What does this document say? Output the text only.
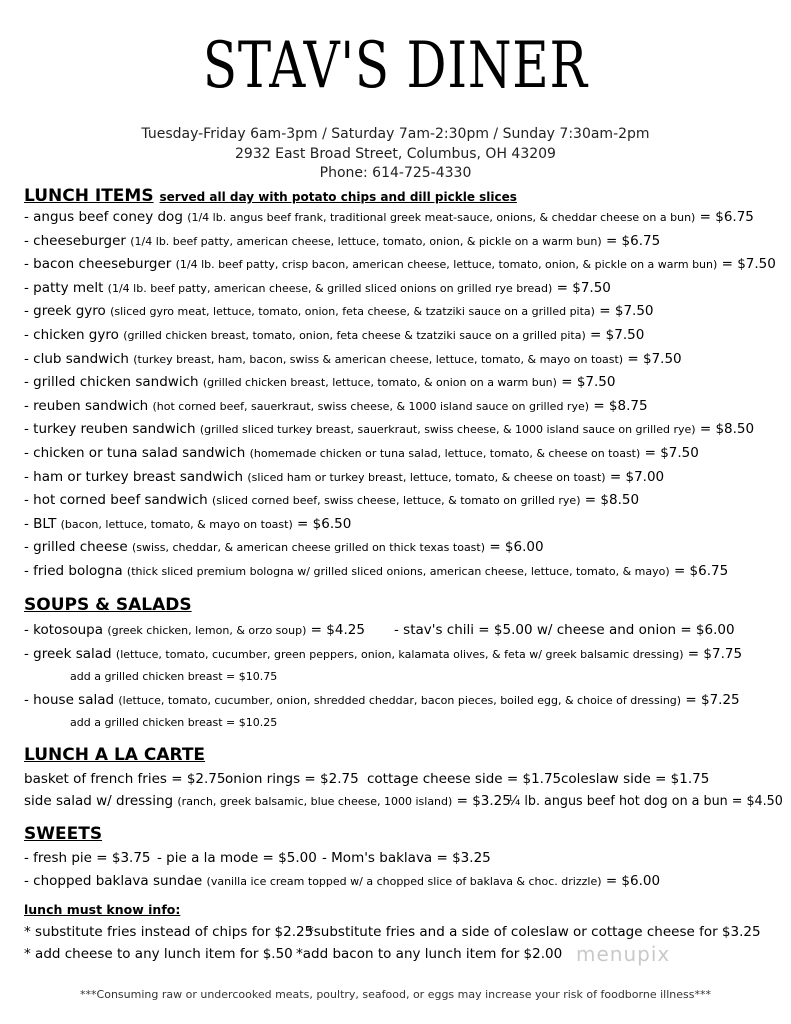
STAV'S DINER
Tuesday-Friday 6am-3pm / Saturday 7am-2:30pm / Sunday 7:30am-2pm
2932 East Broad Street, Columbus, OH 43209
Phone: 614-725-4330
LUNCH ITEMS served all day with potato chips and dill pickle slices
- angus beef coney dog (1/4 lb. angus beef frank, traditional greek meat-sauce, onions, & cheddar cheese on a bun) = $6.75
- cheeseburger (1/4 lb. beef patty, american cheese, lettuce, tomato, onion, & pickle on a warm bun) = $6.75
- bacon cheeseburger (1/4 lb. beef patty, crisp bacon, american cheese, lettuce, tomato, onion, & pickle on a warm bun) = $7.50
- patty melt (1/4 lb. beef patty, american cheese, & grilled sliced onions on grilled rye bread) = $7.50
- greek gyro (sliced gyro meat, lettuce, tomato, onion, feta cheese, & tzatziki sauce on a grilled pita) = $7.50
- chicken gyro (grilled chicken breast, tomato, onion, feta cheese & tzatziki sauce on a grilled pita) = $7.50
- club sandwich (turkey breast, ham, bacon, swiss & american cheese, lettuce, tomato, & mayo on toast) = $7.50
- grilled chicken sandwich (grilled chicken breast, lettuce, tomato, & onion on a warm bun) = $7.50
- reuben sandwich (hot corned beef, sauerkraut, swiss cheese, & 1000 island sauce on grilled rye) = $8.75
- turkey reuben sandwich (grilled sliced turkey breast, sauerkraut, swiss cheese, & 1000 island sauce on grilled rye) = $8.50
- chicken or tuna salad sandwich (homemade chicken or tuna salad, lettuce, tomato, & cheese on toast) = $7.50
- ham or turkey breast sandwich (sliced ham or turkey breast, lettuce, tomato, & cheese on toast) = $7.00
- hot corned beef sandwich (sliced corned beef, swiss cheese, lettuce, & tomato on grilled rye) = $8.50
- BLT (bacon, lettuce, tomato, & mayo on toast) = $6.50
- grilled cheese (swiss, cheddar, & american cheese grilled on thick texas toast) = $6.00
- fried bologna (thick sliced premium bologna w/ grilled sliced onions, american cheese, lettuce, tomato, & mayo) = $6.75
SOUPS & SALADS
- kotosoupa (greek chicken, lemon, & orzo soup) = $4.25 - stav's chili = $5.00 w/ cheese and onion = $6.00
- greek salad (lettuce, tomato, cucumber, green peppers, onion, kalamata olives, & feta w/ greek balsamic dressing) = $7.75
add a grilled chicken breast = $10.75
- house salad (lettuce, tomato, cucumber, onion, shredded cheddar, bacon pieces, boiled egg, & choice of dressing) = $7.25
add a grilled chicken breast = $10.25
LUNCH A LA CARTE
basket of french fries = $2.75 onion rings = $2.75 cottage cheese side = $1.75 coleslaw side = $1.75
side salad w/ dressing (ranch, greek balsamic, blue cheese, 1000 island) = $3.25
¼ lb. angus beef hot dog on a bun = $4.50
SWEETS
- fresh pie = $3.75 - pie a la mode = $5.00 - Mom's baklava = $3.25
- chopped baklava sundae (vanilla ice cream topped w/ a chopped slice of baklava & choc. drizzle) = $6.00
lunch must know info:
* substitute fries instead of chips for $2.25
*substitute fries and a side of coleslaw or cottage cheese for $3.25
* add cheese to any lunch item for $.50 *add bacon to any lunch item for $2.00 menupix
***Consuming raw or undercooked meats, poultry, seafood, or eggs may increase your risk of foodborne illness***
